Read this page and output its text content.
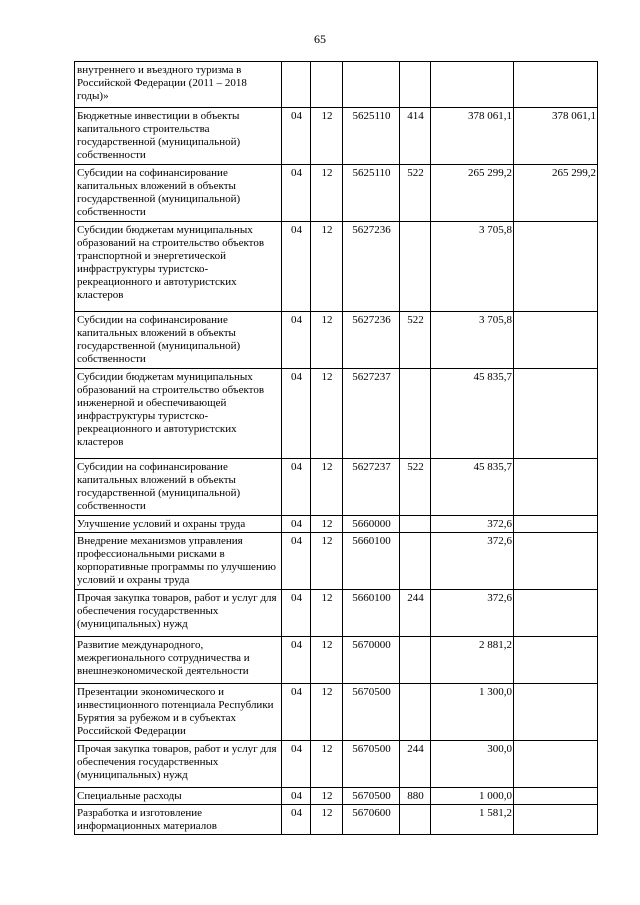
65
внутреннего и въездного туризма в Российской Федерации (2011 – 2018 годы)»						
Бюджетные инвестиции в объекты капитального строительства государственной (муниципальной) собственности	04	12	5625110	414	378 061,1	378 061,1
Субсидии на софинансирование капитальных вложений в объекты государственной (муниципальной) собственности	04	12	5625110	522	265 299,2	265 299,2
Субсидии бюджетам муниципальных образований на строительство объектов транспортной и энергетической инфраструктуры туристско-рекреационного и автотуристских кластеров	04	12	5627236		3 705,8	
Субсидии на софинансирование капитальных вложений в объекты государственной (муниципальной) собственности	04	12	5627236	522	3 705,8	
Субсидии бюджетам муниципальных образований на строительство объектов инженерной и обеспечивающей инфраструктуры туристско-рекреационного и автотуристских кластеров	04	12	5627237		45 835,7	
Субсидии на софинансирование капитальных вложений в объекты государственной (муниципальной) собственности	04	12	5627237	522	45 835,7	
Улучшение условий и охраны труда	04	12	5660000		372,6	
Внедрение механизмов управления профессиональными рисками в корпоративные программы по улучшению условий и охраны труда	04	12	5660100		372,6	
Прочая закупка товаров, работ и услуг для обеспечения государственных (муниципальных) нужд	04	12	5660100	244	372,6	
Развитие международного, межрегионального сотрудничества и внешнеэкономической деятельности	04	12	5670000		2 881,2	
Презентации экономического и инвестиционного потенциала Республики Бурятия за рубежом и в субъектах Российской Федерации	04	12	5670500		1 300,0	
Прочая закупка товаров, работ и услуг для обеспечения государственных (муниципальных) нужд	04	12	5670500	244	300,0	
Специальные расходы	04	12	5670500	880	1 000,0	
Разработка и изготовление информационных материалов	04	12	5670600		1 581,2	
